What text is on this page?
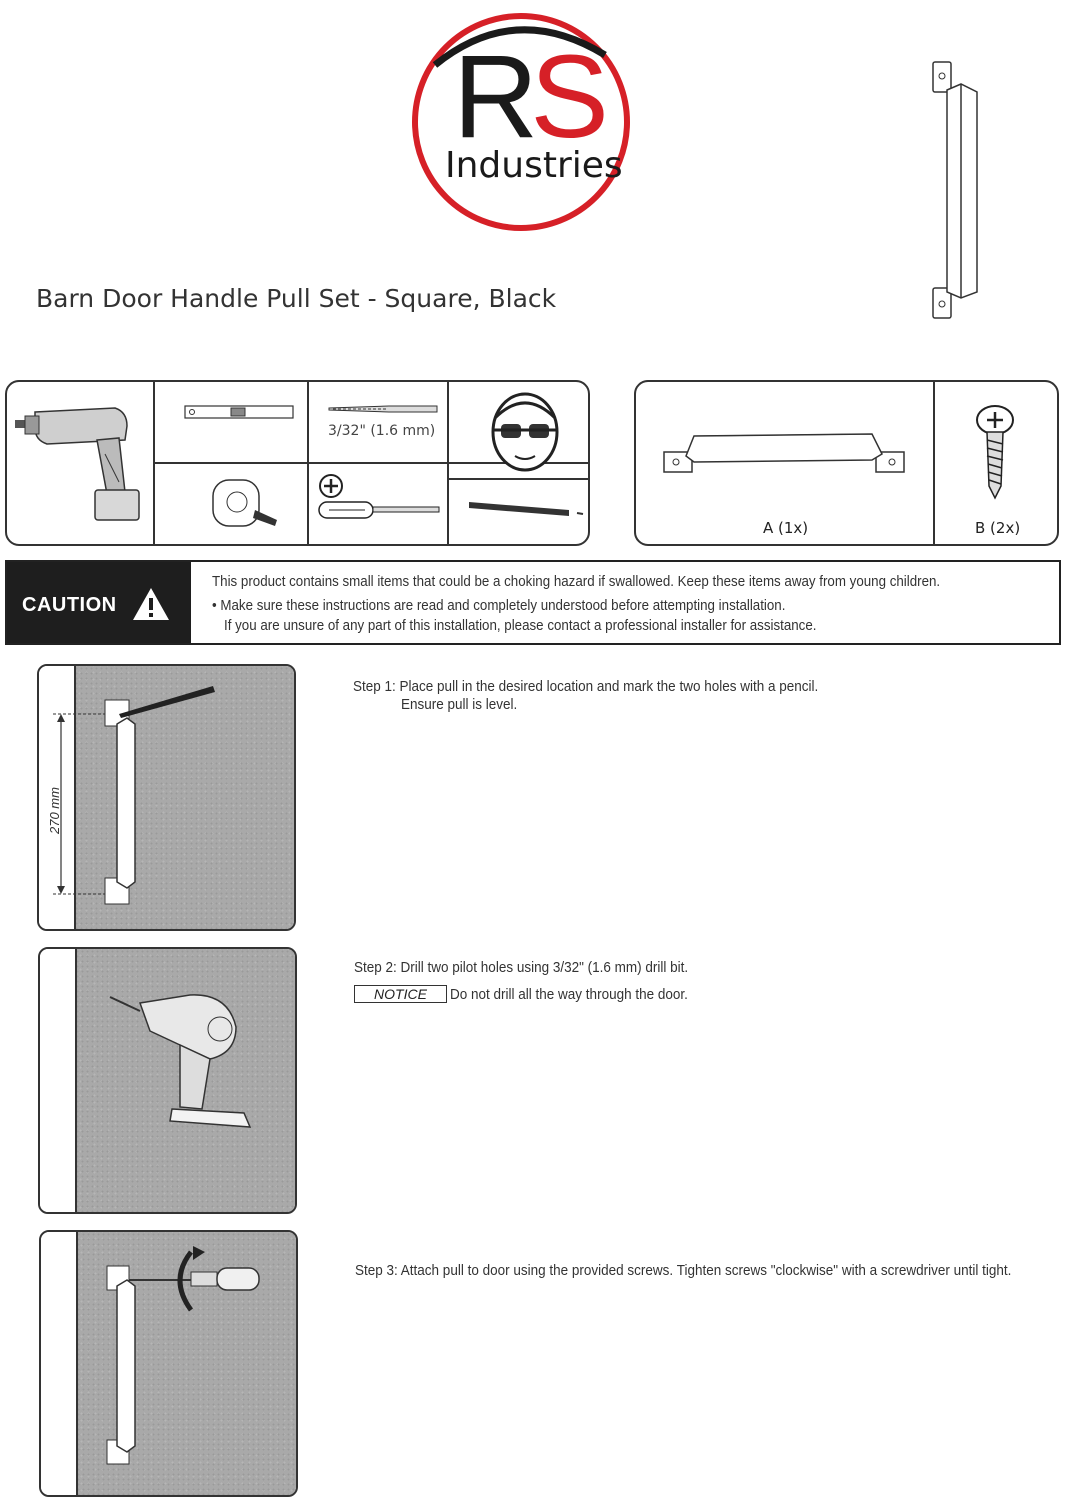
RS
Industries
Barn Door Handle Pull Set - Square, Black
3/32" (1.6 mm)
A (1x)	B (2x)
CAUTION
This product contains small items that could be a choking hazard if swallowed. Keep these items away from young children.
• Make sure these instructions are read and completely understood before attempting installation.
If you are unsure of any part of this installation, please contact a professional installer for assistance.
270 mm
Step 1: Place pull in the desired location and mark the two holes with a pencil.
Ensure pull is level.
Step 2: Drill two pilot holes using 3/32" (1.6 mm) drill bit.
NOTICE	Do not drill all the way through the door.
Step 3: Attach pull to door using the provided screws. Tighten screws "clockwise" with a screwdriver until tight.
